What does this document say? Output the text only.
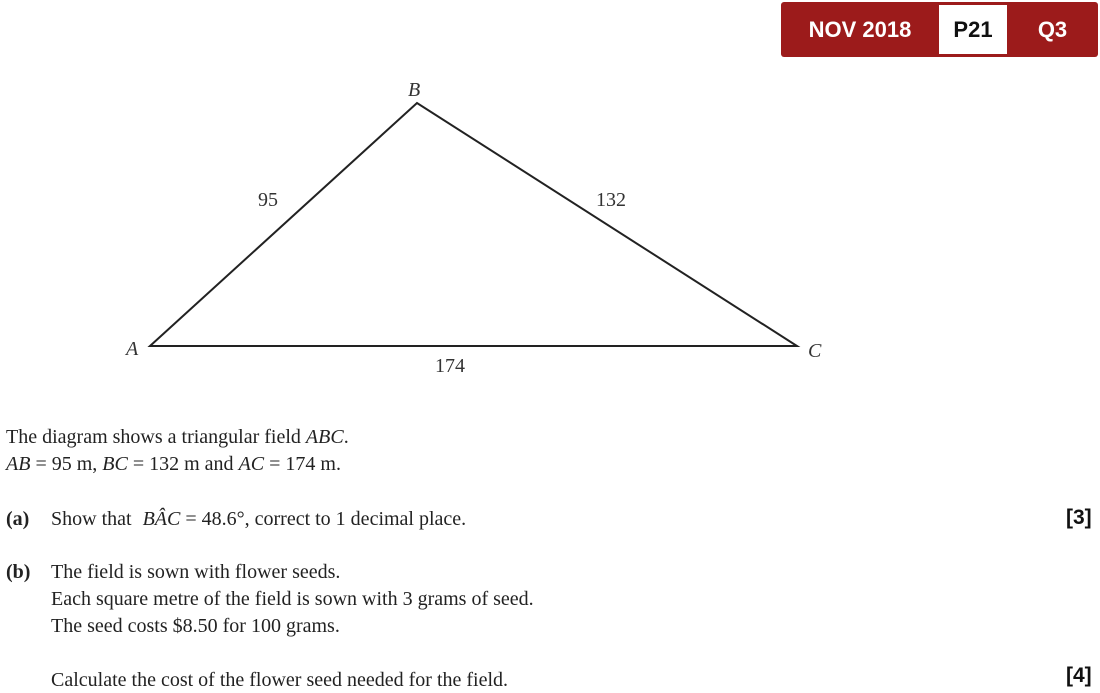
NOV 2018	P21	Q3
A
B
C
95	132
174
The diagram shows a triangular field ABC.
AB = 95 m, BC = 132 m and AC = 174 m.
(a) Show that BÂC = 48.6°, correct to 1 decimal place.	[3]
(b) The field is sown with flower seeds.
Each square metre of the field is sown with 3 grams of seed.
The seed costs $8.50 for 100 grams.
Calculate the cost of the flower seed needed for the field.	[4]
